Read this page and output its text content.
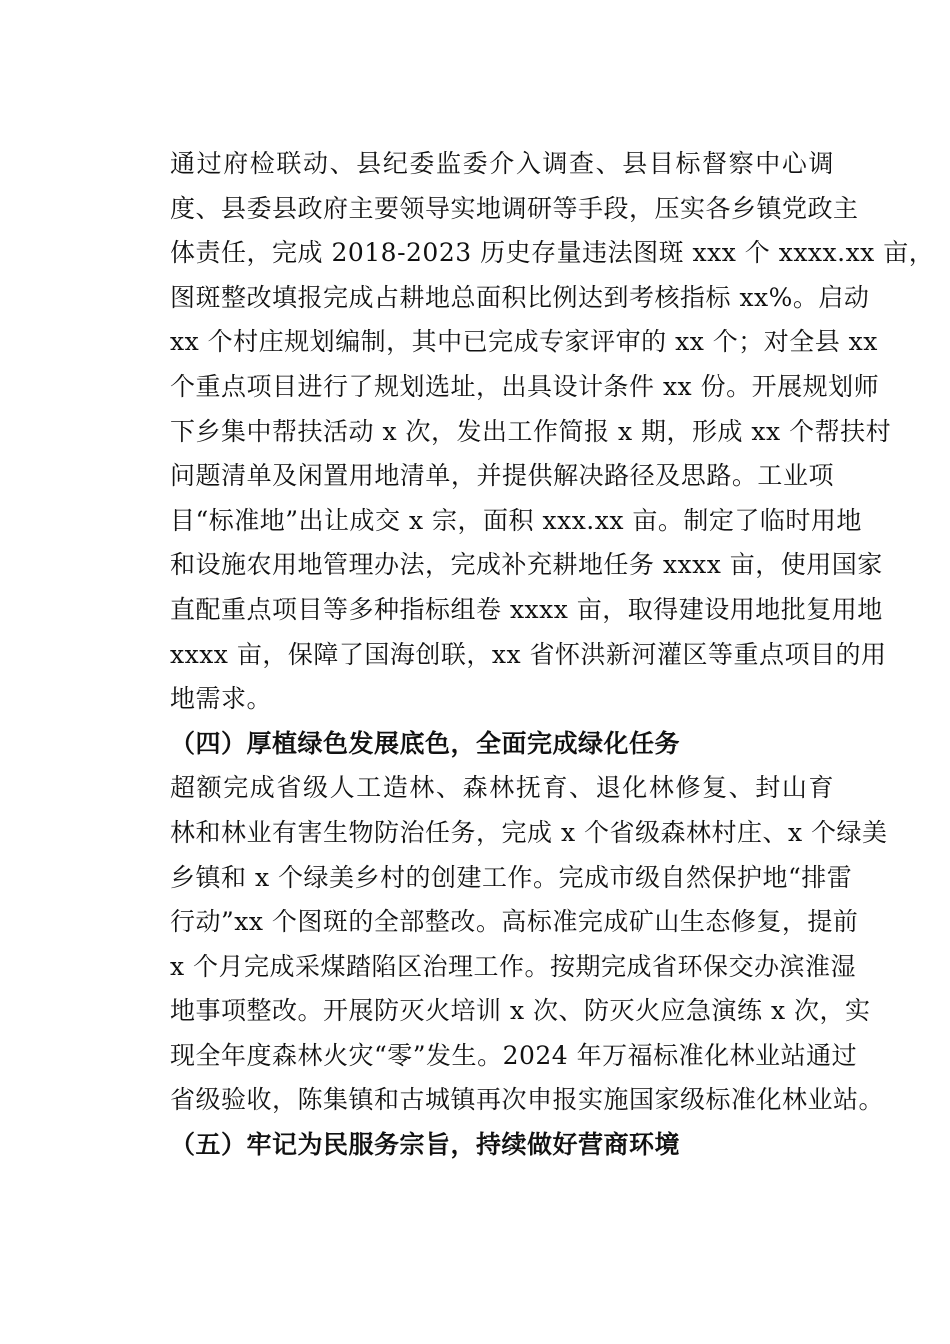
通过府检联动、县纪委监委介入调查、县目标督察中心调
度、县委县政府主要领导实地调研等手段，压实各乡镇党政主
体责任，完成 2018-2023 历史存量违法图斑 xxx 个 xxxx.xx 亩，
图斑整改填报完成占耕地总面积比例达到考核指标 xx%。启动
xx 个村庄规划编制，其中已完成专家评审的 xx 个；对全县 xx
个重点项目进行了规划选址，出具设计条件 xx 份。开展规划师
下乡集中帮扶活动 x 次，发出工作简报 x 期，形成 xx 个帮扶村
问题清单及闲置用地清单，并提供解决路径及思路。工业项
目“标准地”出让成交 x 宗，面积 xxx.xx 亩。制定了临时用地
和设施农用地管理办法，完成补充耕地任务 xxxx 亩，使用国家
直配重点项目等多种指标组卷 xxxx 亩，取得建设用地批复用地
xxxx 亩，保障了国海创联，xx 省怀洪新河灌区等重点项目的用
地需求。
（四）厚植绿色发展底色，全面完成绿化任务
超额完成省级人工造林、森林抚育、退化林修复、封山育
林和林业有害生物防治任务，完成 x 个省级森林村庄、x 个绿美
乡镇和 x 个绿美乡村的创建工作。完成市级自然保护地“排雷
行动”xx 个图斑的全部整改。高标准完成矿山生态修复，提前
x 个月完成采煤踏陷区治理工作。按期完成省环保交办滨淮湿
地事项整改。开展防灭火培训 x 次、防灭火应急演练 x 次，实
现全年度森林火灾“零”发生。2024 年万福标准化林业站通过
省级验收，陈集镇和古城镇再次申报实施国家级标准化林业站。
（五）牢记为民服务宗旨，持续做好营商环境
